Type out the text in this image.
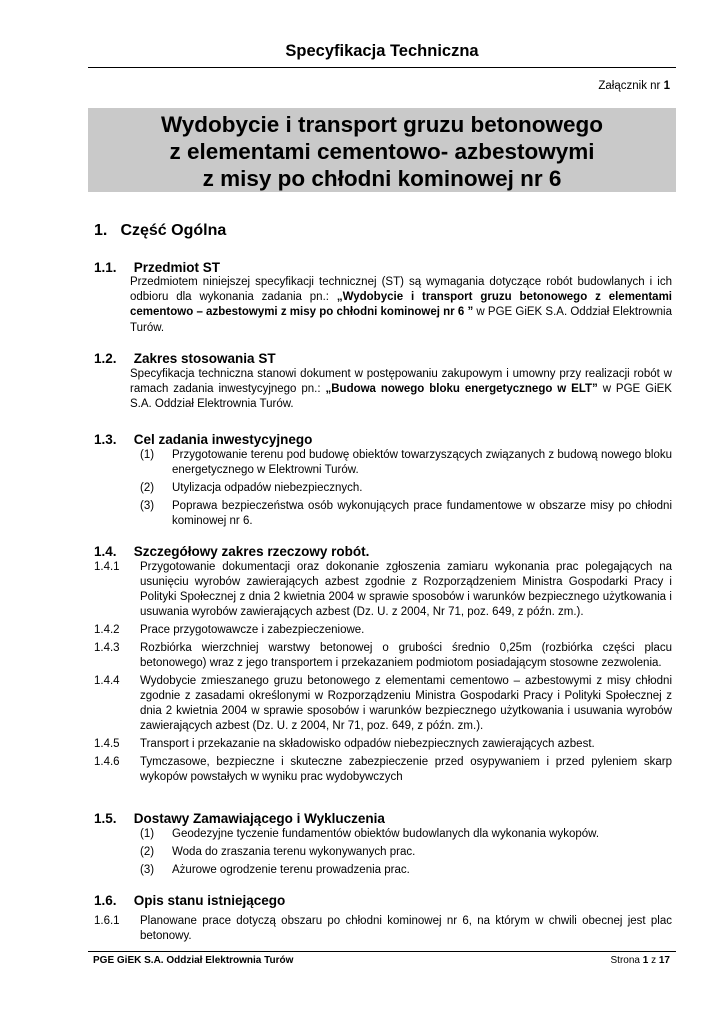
Specyfikacja Techniczna
Załącznik nr 1
Wydobycie i transport gruzu betonowego
z elementami cementowo- azbestowymi
z misy po chłodni kominowej nr 6
1. Część Ogólna
1.1. Przedmiot ST
Przedmiotem niniejszej specyfikacji technicznej (ST) są wymagania dotyczące robót budowlanych i ich odbioru dla wykonania zadania pn.: „Wydobycie i transport gruzu betonowego z elementami cementowo – azbestowymi z misy po chłodni kominowej nr 6 ” w PGE GiEK S.A. Oddział Elektrownia Turów.
1.2. Zakres stosowania ST
Specyfikacja techniczna stanowi dokument w postępowaniu zakupowym i umowny przy realizacji robót w ramach zadania inwestycyjnego pn.: „Budowa nowego bloku energetycznego w ELT” w PGE GiEK S.A. Oddział Elektrownia Turów.
1.3. Cel zadania inwestycyjnego
(1) Przygotowanie terenu pod budowę obiektów towarzyszących związanych z budową nowego bloku energetycznego w Elektrowni Turów.
(2) Utylizacja odpadów niebezpiecznych.
(3) Poprawa bezpieczeństwa osób wykonujących prace fundamentowe w obszarze misy po chłodni kominowej nr 6.
1.4. Szczegółowy zakres rzeczowy robót.
1.4.1 Przygotowanie dokumentacji oraz dokonanie zgłoszenia zamiaru wykonania prac polegających na usunięciu wyrobów zawierających azbest zgodnie z Rozporządzeniem Ministra Gospodarki Pracy i Polityki Społecznej z dnia 2 kwietnia 2004 w sprawie sposobów i warunków bezpiecznego użytkowania i usuwania wyrobów zawierających azbest (Dz. U. z 2004, Nr 71, poz. 649, z późn. zm.).
1.4.2 Prace przygotowawcze i zabezpieczeniowe.
1.4.3 Rozbiórka wierzchniej warstwy betonowej o grubości średnio 0,25m (rozbiórka części placu betonowego) wraz z jego transportem i przekazaniem podmiotom posiadającym stosowne zezwolenia.
1.4.4 Wydobycie zmieszanego gruzu betonowego z elementami cementowo – azbestowymi z misy chłodni zgodnie z zasadami określonymi w Rozporządzeniu Ministra Gospodarki Pracy i Polityki Społecznej z dnia 2 kwietnia 2004 w sprawie sposobów i warunków bezpiecznego użytkowania i usuwania wyrobów zawierających azbest (Dz. U. z 2004, Nr 71, poz. 649, z późn. zm.).
1.4.5 Transport i przekazanie na składowisko odpadów niebezpiecznych zawierających azbest.
1.4.6 Tymczasowe, bezpieczne i skuteczne zabezpieczenie przed osypywaniem i przed pyleniem skarp wykopów powstałych w wyniku prac wydobywczych
1.5. Dostawy Zamawiającego i Wykluczenia
(1) Geodezyjne tyczenie fundamentów obiektów budowlanych dla wykonania wykopów.
(2) Woda do zraszania terenu wykonywanych prac.
(3) Ażurowe ogrodzenie terenu prowadzenia prac.
1.6. Opis stanu istniejącego
1.6.1 Planowane prace dotyczą obszaru po chłodni kominowej nr 6, na którym w chwili obecnej jest plac betonowy.
PGE GiEK S.A. Oddział Elektrownia Turów	Strona 1 z 17
